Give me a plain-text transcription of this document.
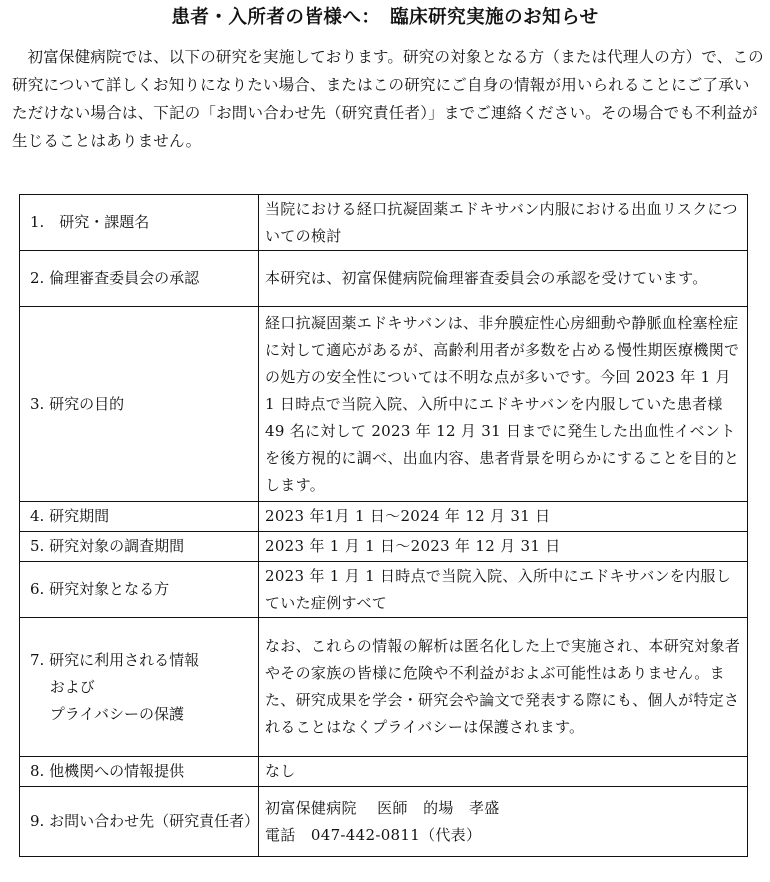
患者・入所者の皆様へ：　臨床研究実施のお知らせ
初富保健病院では、以下の研究を実施しております。研究の対象となる方（または代理人の方）で、この研究について詳しくお知りになりたい場合、またはこの研究にご自身の情報が用いられることにご了承いただけない場合は、下記の「お問い合わせ先（研究責任者）」までご連絡ください。その場合でも不利益が生じることはありません。
1.　研究・課題名	当院における経口抗凝固薬エドキサバン内服における出血リスクについての検討
2. 倫理審査委員会の承認	本研究は、初富保健病院倫理審査委員会の承認を受けています。
3. 研究の目的	経口抗凝固薬エドキサバンは、非弁膜症性心房細動や静脈血栓塞栓症に対して適応があるが、高齢利用者が多数を占める慢性期医療機関での処方の安全性については不明な点が多いです。今回 2023 年 1 月 1 日時点で当院入院、入所中にエドキサバンを内服していた患者様 49 名に対して 2023 年 12 月 31 日までに発生した出血性イベントを後方視的に調べ、出血内容、患者背景を明らかにすることを目的とします。
4. 研究期間	2023 年1月 1 日～2024 年 12 月 31 日
5. 研究対象の調査期間	2023 年 1 月 1 日～2023 年 12 月 31 日
6. 研究対象となる方	2023 年 1 月 1 日時点で当院入院、入所中にエドキサバンを内服していた症例すべて

7. 研究に利用される情報
　 および
　 プライバシーの保護	なお、これらの情報の解析は匿名化した上で実施され、本研究対象者やその家族の皆様に危険や不利益がおよぶ可能性はありません。また、研究成果を学会・研究会や論文で発表する際にも、個人が特定されることはなくプライバシーは保護されます。
8. 他機関への情報提供	なし
9. お問い合わせ先（研究責任者）	初富保健病院　 医師　的場　孝盛
電話　047-442-0811（代表）
